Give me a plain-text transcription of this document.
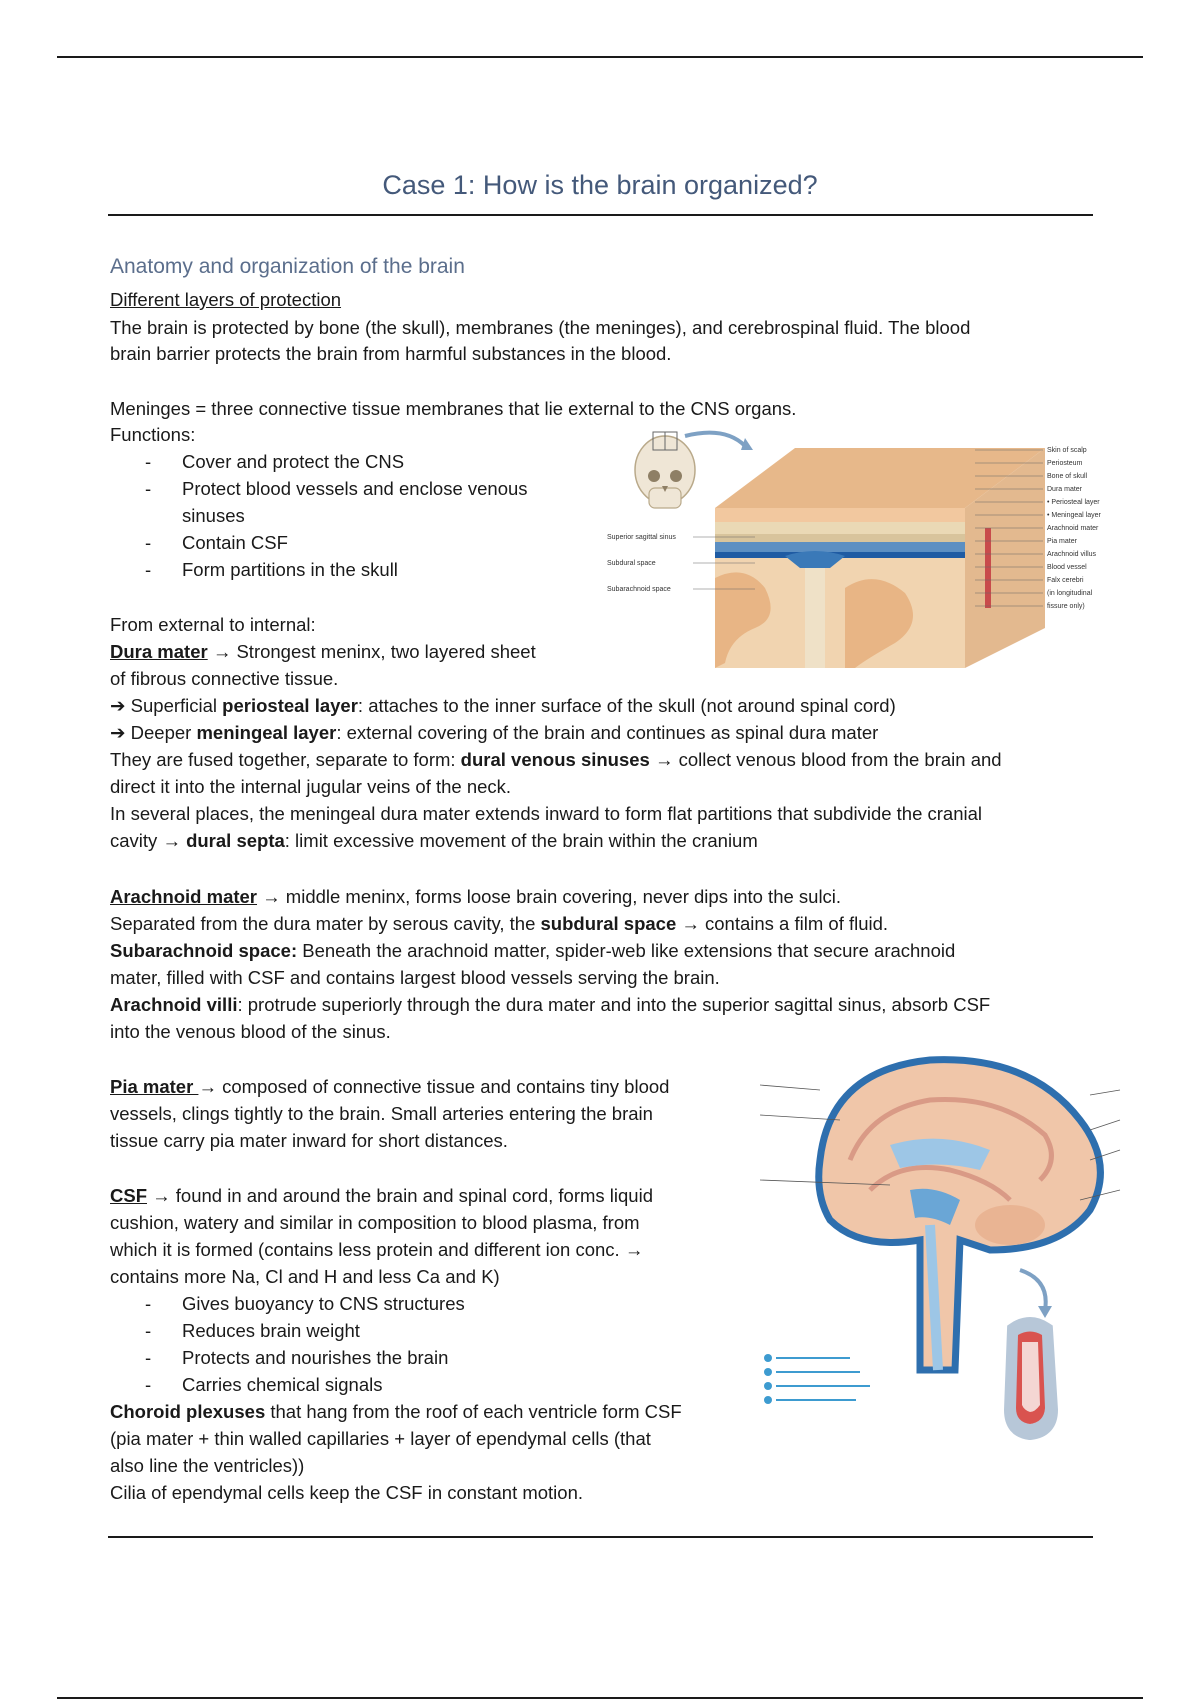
Case 1: How is the brain organized?
Anatomy and organization of the brain
Different layers of protection
The brain is protected by bone (the skull), membranes (the meninges), and cerebrospinal fluid. The blood
brain barrier protects the brain from harmful substances in the blood.
Meninges = three connective tissue membranes that lie external to the CNS organs.
Functions:
- Cover and protect the CNS
- Protect blood vessels and enclose venous
sinuses
- Contain CSF
- Form partitions in the skull
From external to internal:
Dura mater → Strongest meninx, two layered sheet
of fibrous connective tissue.
➔ Superficial periosteal layer: attaches to the inner surface of the skull (not around spinal cord)
➔ Deeper meningeal layer: external covering of the brain and continues as spinal dura mater
They are fused together, separate to form: dural venous sinuses → collect venous blood from the brain and
direct it into the internal jugular veins of the neck.
In several places, the meningeal dura mater extends inward to form flat partitions that subdivide the cranial
cavity → dural septa: limit excessive movement of the brain within the cranium
Arachnoid mater → middle meninx, forms loose brain covering, never dips into the sulci.
Separated from the dura mater by serous cavity, the subdural space → contains a film of fluid.
Subarachnoid space: Beneath the arachnoid matter, spider-web like extensions that secure arachnoid
mater, filled with CSF and contains largest blood vessels serving the brain.
Arachnoid villi: protrude superiorly through the dura mater and into the superior sagittal sinus, absorb CSF
into the venous blood of the sinus.
Pia mater → composed of connective tissue and contains tiny blood
vessels, clings tightly to the brain. Small arteries entering the brain
tissue carry pia mater inward for short distances.
CSF → found in and around the brain and spinal cord, forms liquid
cushion, watery and similar in composition to blood plasma, from
which it is formed (contains less protein and different ion conc. →
contains more Na, Cl and H and less Ca and K)
- Gives buoyancy to CNS structures
- Reduces brain weight
- Protects and nourishes the brain
- Carries chemical signals
Choroid plexuses that hang from the roof of each ventricle form CSF
(pia mater + thin walled capillaries + layer of ependymal cells (that
also line the ventricles))
Cilia of ependymal cells keep the CSF in constant motion.
Skin of scalp
Periosteum
Bone of skull
Dura mater
• Periosteal layer
• Meningeal layer
Arachnoid mater
Pia mater
Arachnoid villus
Blood vessel
Falx cerebri
(in longitudinal
fissure only)
Superior sagittal sinus
Subdural space
Subarachnoid space
